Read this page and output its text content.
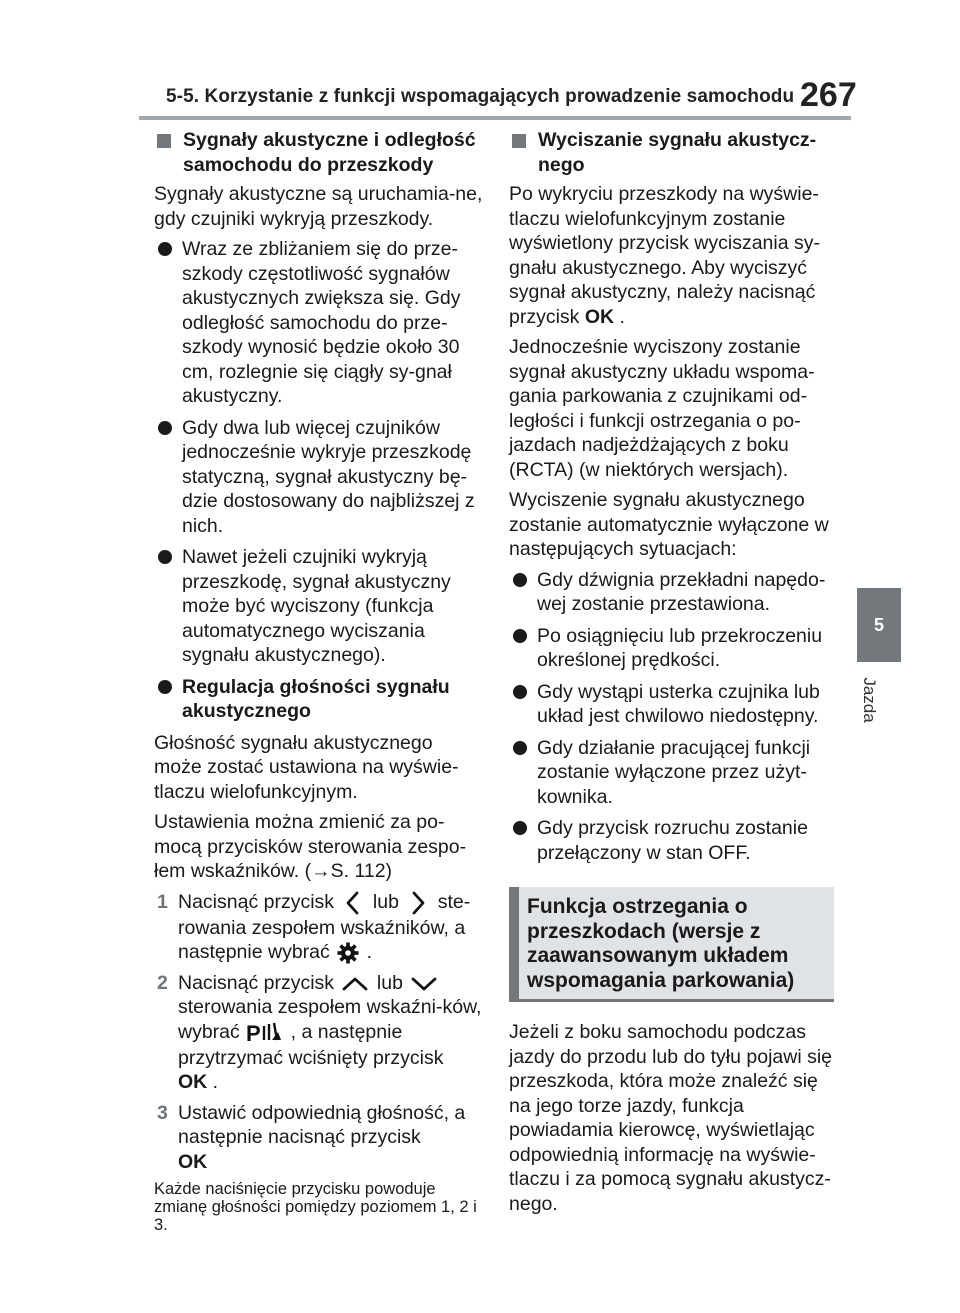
5-5. Korzystanie z funkcji wspomagających prowadzenie samochodu 267
5
Jazda
Sygnały akustyczne i odległość samochodu do przeszkody
Sygnały akustyczne są uruchamia-ne, gdy czujniki wykryją przeszkody.
Wraz ze zbliżaniem się do prze-szkody częstotliwość sygnałów akustycznych zwiększa się. Gdy odległość samochodu do prze-szkody wynosić będzie około 30 cm, rozlegnie się ciągły sy-gnał akustyczny.
Gdy dwa lub więcej czujników jednocześnie wykryje przeszkodę statyczną, sygnał akustyczny bę-dzie dostosowany do najbliższej z nich.
Nawet jeżeli czujniki wykryją przeszkodę, sygnał akustyczny może być wyciszony (funkcja automatycznego wyciszania sygnału akustycznego).
Regulacja głośności sygnału akustycznego
Głośność sygnału akustycznego może zostać ustawiona na wyświe-tlaczu wielofunkcyjnym.
Ustawienia można zmienić za po-mocą przycisków sterowania zespo-łem wskaźników. (→S. 112)
1 Nacisnąć przycisk lub ste-rowania zespołem wskaźników, a następnie wybrać .
2 Nacisnąć przycisk lub  sterowania zespołem wskaźni-ków, wybrać P , a następnie przytrzymać wciśnięty przycisk
OK .
3 Ustawić odpowiednią głośność, a następnie nacisnąć przycisk
OK
Każde naciśnięcie przycisku powoduje zmianę głośności pomiędzy poziomem 1, 2 i 3.
Wyciszanie sygnału akustycz-nego
Po wykryciu przeszkody na wyświe-tlaczu wielofunkcyjnym zostanie wyświetlony przycisk wyciszania sy-gnału akustycznego. Aby wyciszyć sygnał akustyczny, należy nacisnąć przycisk OK .
Jednocześnie wyciszony zostanie sygnał akustyczny układu wspoma-gania parkowania z czujnikami od-ległości i funkcji ostrzegania o po-jazdach nadjeżdżających z boku (RCTA) (w niektórych wersjach).
Wyciszenie sygnału akustycznego zostanie automatycznie wyłączone w następujących sytuacjach:
Gdy dźwignia przekładni napędo-wej zostanie przestawiona.
Po osiągnięciu lub przekroczeniu określonej prędkości.
Gdy wystąpi usterka czujnika lub układ jest chwilowo niedostępny.
Gdy działanie pracującej funkcji zostanie wyłączone przez użyt-kownika.
Gdy przycisk rozruchu zostanie przełączony w stan OFF.
Funkcja ostrzegania o przeszkodach (wersje z zaawansowanym układem wspomagania parkowania)
Jeżeli z boku samochodu podczas jazdy do przodu lub do tyłu pojawi się przeszkoda, która może znaleźć się na jego torze jazdy, funkcja powiadamia kierowcę, wyświetlając odpowiednią informację na wyświe-tlaczu i za pomocą sygnału akustycz-nego.
